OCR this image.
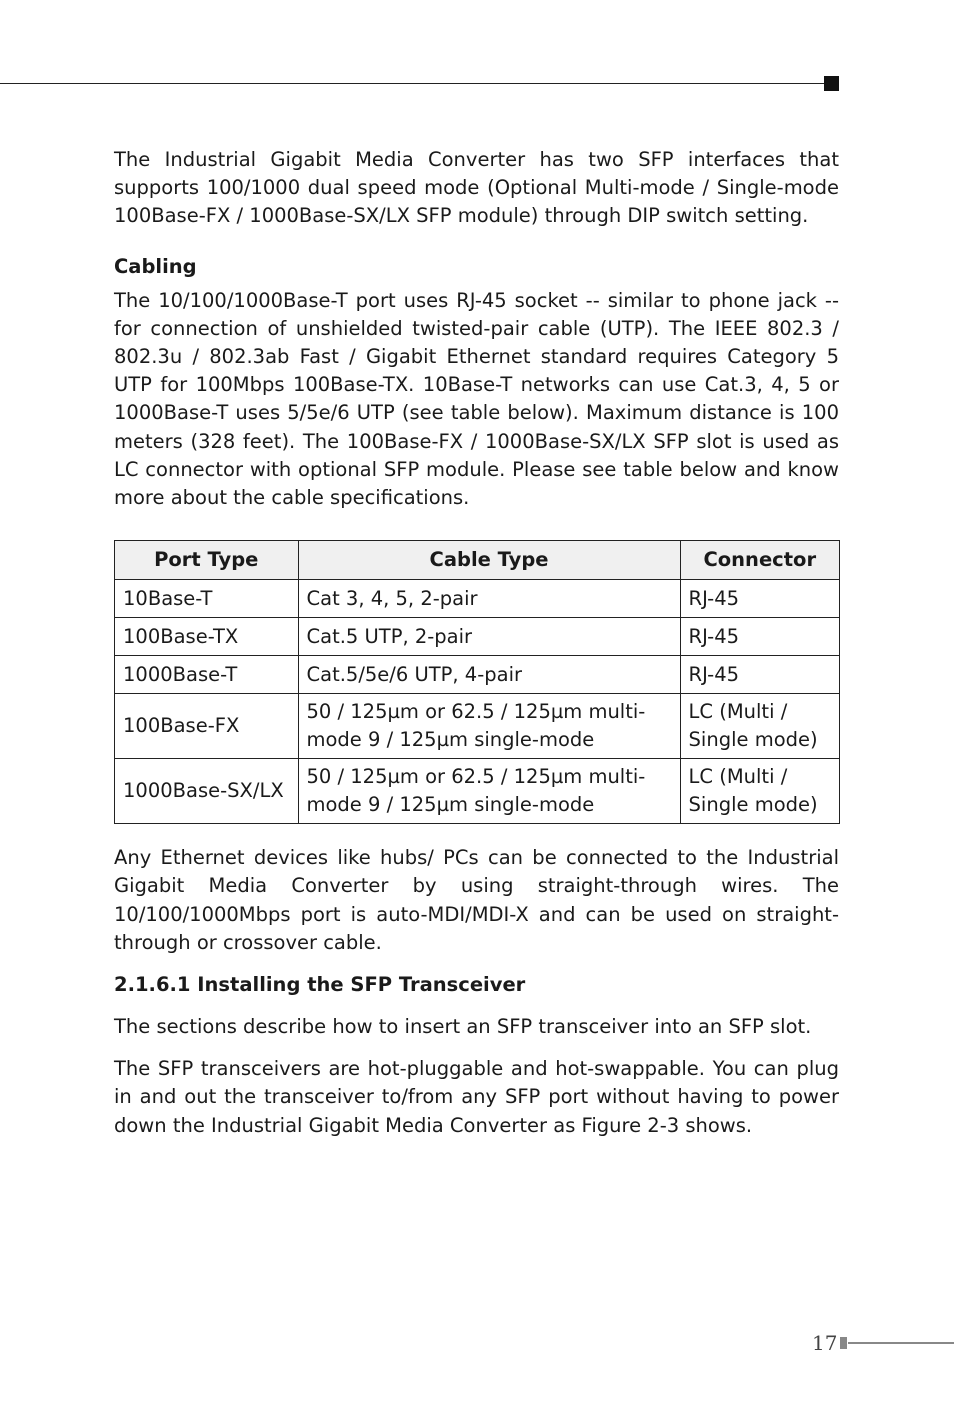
The Industrial Gigabit Media Converter has two SFP interfaces that supports 100/1000 dual speed mode (Optional Multi-mode / Single-mode 100Base-FX / 1000Base-SX/LX SFP module) through DIP switch setting.

Cabling

The 10/100/1000Base-T port uses RJ-45 socket -- similar to phone jack -- for connection of unshielded twisted-pair cable (UTP). The IEEE 802.3 / 802.3u / 802.3ab Fast / Gigabit Ethernet standard requires Category 5 UTP for 100Mbps 100Base-TX. 10Base-T networks can use Cat.3, 4, 5 or 1000Base-T uses 5/5e/6 UTP (see table below). Maximum distance is 100 meters (328 feet). The 100Base-FX / 1000Base-SX/LX SFP slot is used as LC connector with optional SFP module. Please see table below and know more about the cable specifications.

Port Type	Cable Type	Connector
10Base-T	Cat 3, 4, 5, 2-pair	RJ-45
100Base-TX	Cat.5 UTP, 2-pair	RJ-45
1000Base-T	Cat.5/5e/6 UTP, 4-pair	RJ-45
100Base-FX	50 / 125µm or 62.5 / 125µm multi-mode 9 / 125µm single-mode	LC (Multi / Single mode)
1000Base-SX/LX	50 / 125µm or 62.5 / 125µm multi-mode 9 / 125µm single-mode	LC (Multi / Single mode)

Any Ethernet devices like hubs/ PCs can be connected to the Industrial Gigabit Media Converter by using straight-through wires. The 10/100/1000Mbps port is auto-MDI/MDI-X and can be used on straight-through or crossover cable.

2.1.6.1 Installing the SFP Transceiver

The sections describe how to insert an SFP transceiver into an SFP slot.

The SFP transceivers are hot-pluggable and hot-swappable. You can plug in and out the transceiver to/from any SFP port without having to power down the Industrial Gigabit Media Converter as Figure 2-3 shows.

17
